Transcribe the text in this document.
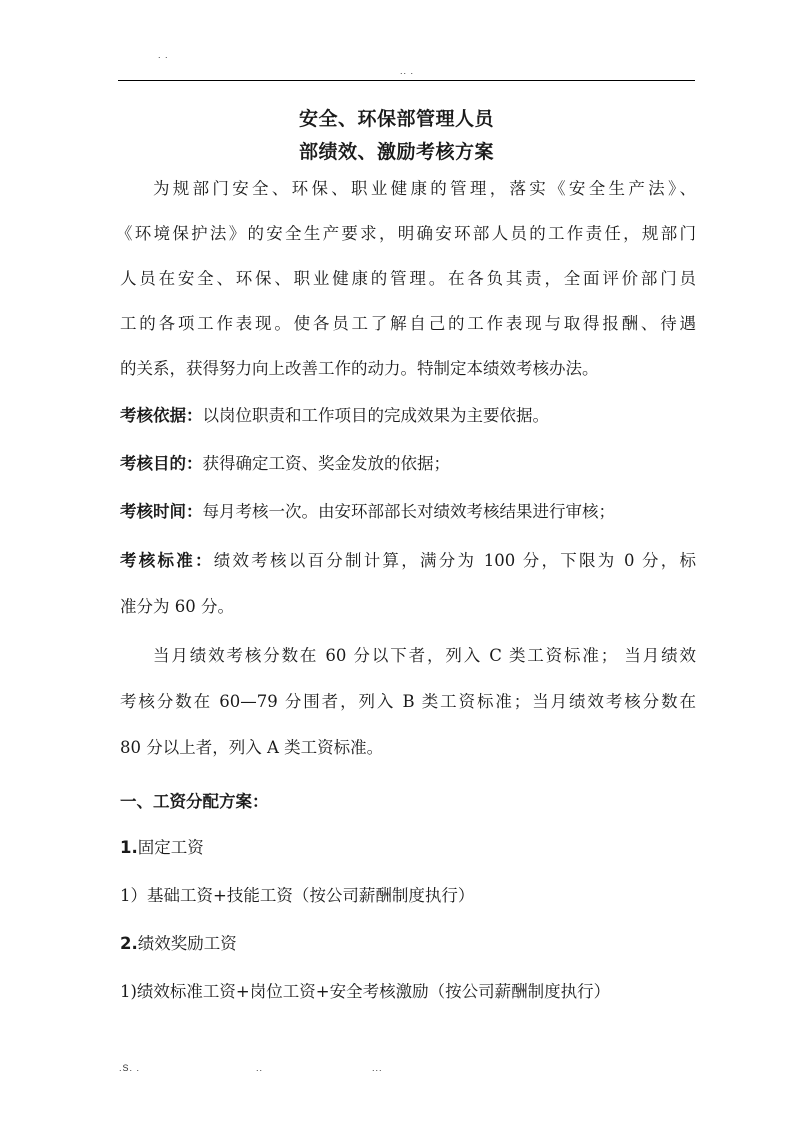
. .
.. .
安全、环保部管理人员
部绩效、激励考核方案
为规部门安全、环保、职业健康的管理，落实《安全生产法》、
《环境保护法》的安全生产要求，明确安环部人员的工作责任，规部门
人员在安全、环保、职业健康的管理。在各负其责，全面评价部门员
工的各项工作表现。使各员工了解自己的工作表现与取得报酬、待遇
的关系，获得努力向上改善工作的动力。特制定本绩效考核办法。
考核依据：以岗位职责和工作项目的完成效果为主要依据。
考核目的：获得确定工资、奖金发放的依据；
考核时间：每月考核一次。由安环部部长对绩效考核结果进行审核；
考核标准：绩效考核以百分制计算，满分为 100 分，下限为 0 分，标
准分为 60 分。
当月绩效考核分数在 60 分以下者，列入 C 类工资标准； 当月绩效
考核分数在 60—79 分围者，列入 B 类工资标准；当月绩效考核分数在
80 分以上者，列入 A 类工资标准。
一、工资分配方案：
1.固定工资
1）基础工资+技能工资（按公司薪酬制度执行）
2.绩效奖励工资
1)绩效标准工资+岗位工资+安全考核激励（按公司薪酬制度执行）
.S. .	..	...
